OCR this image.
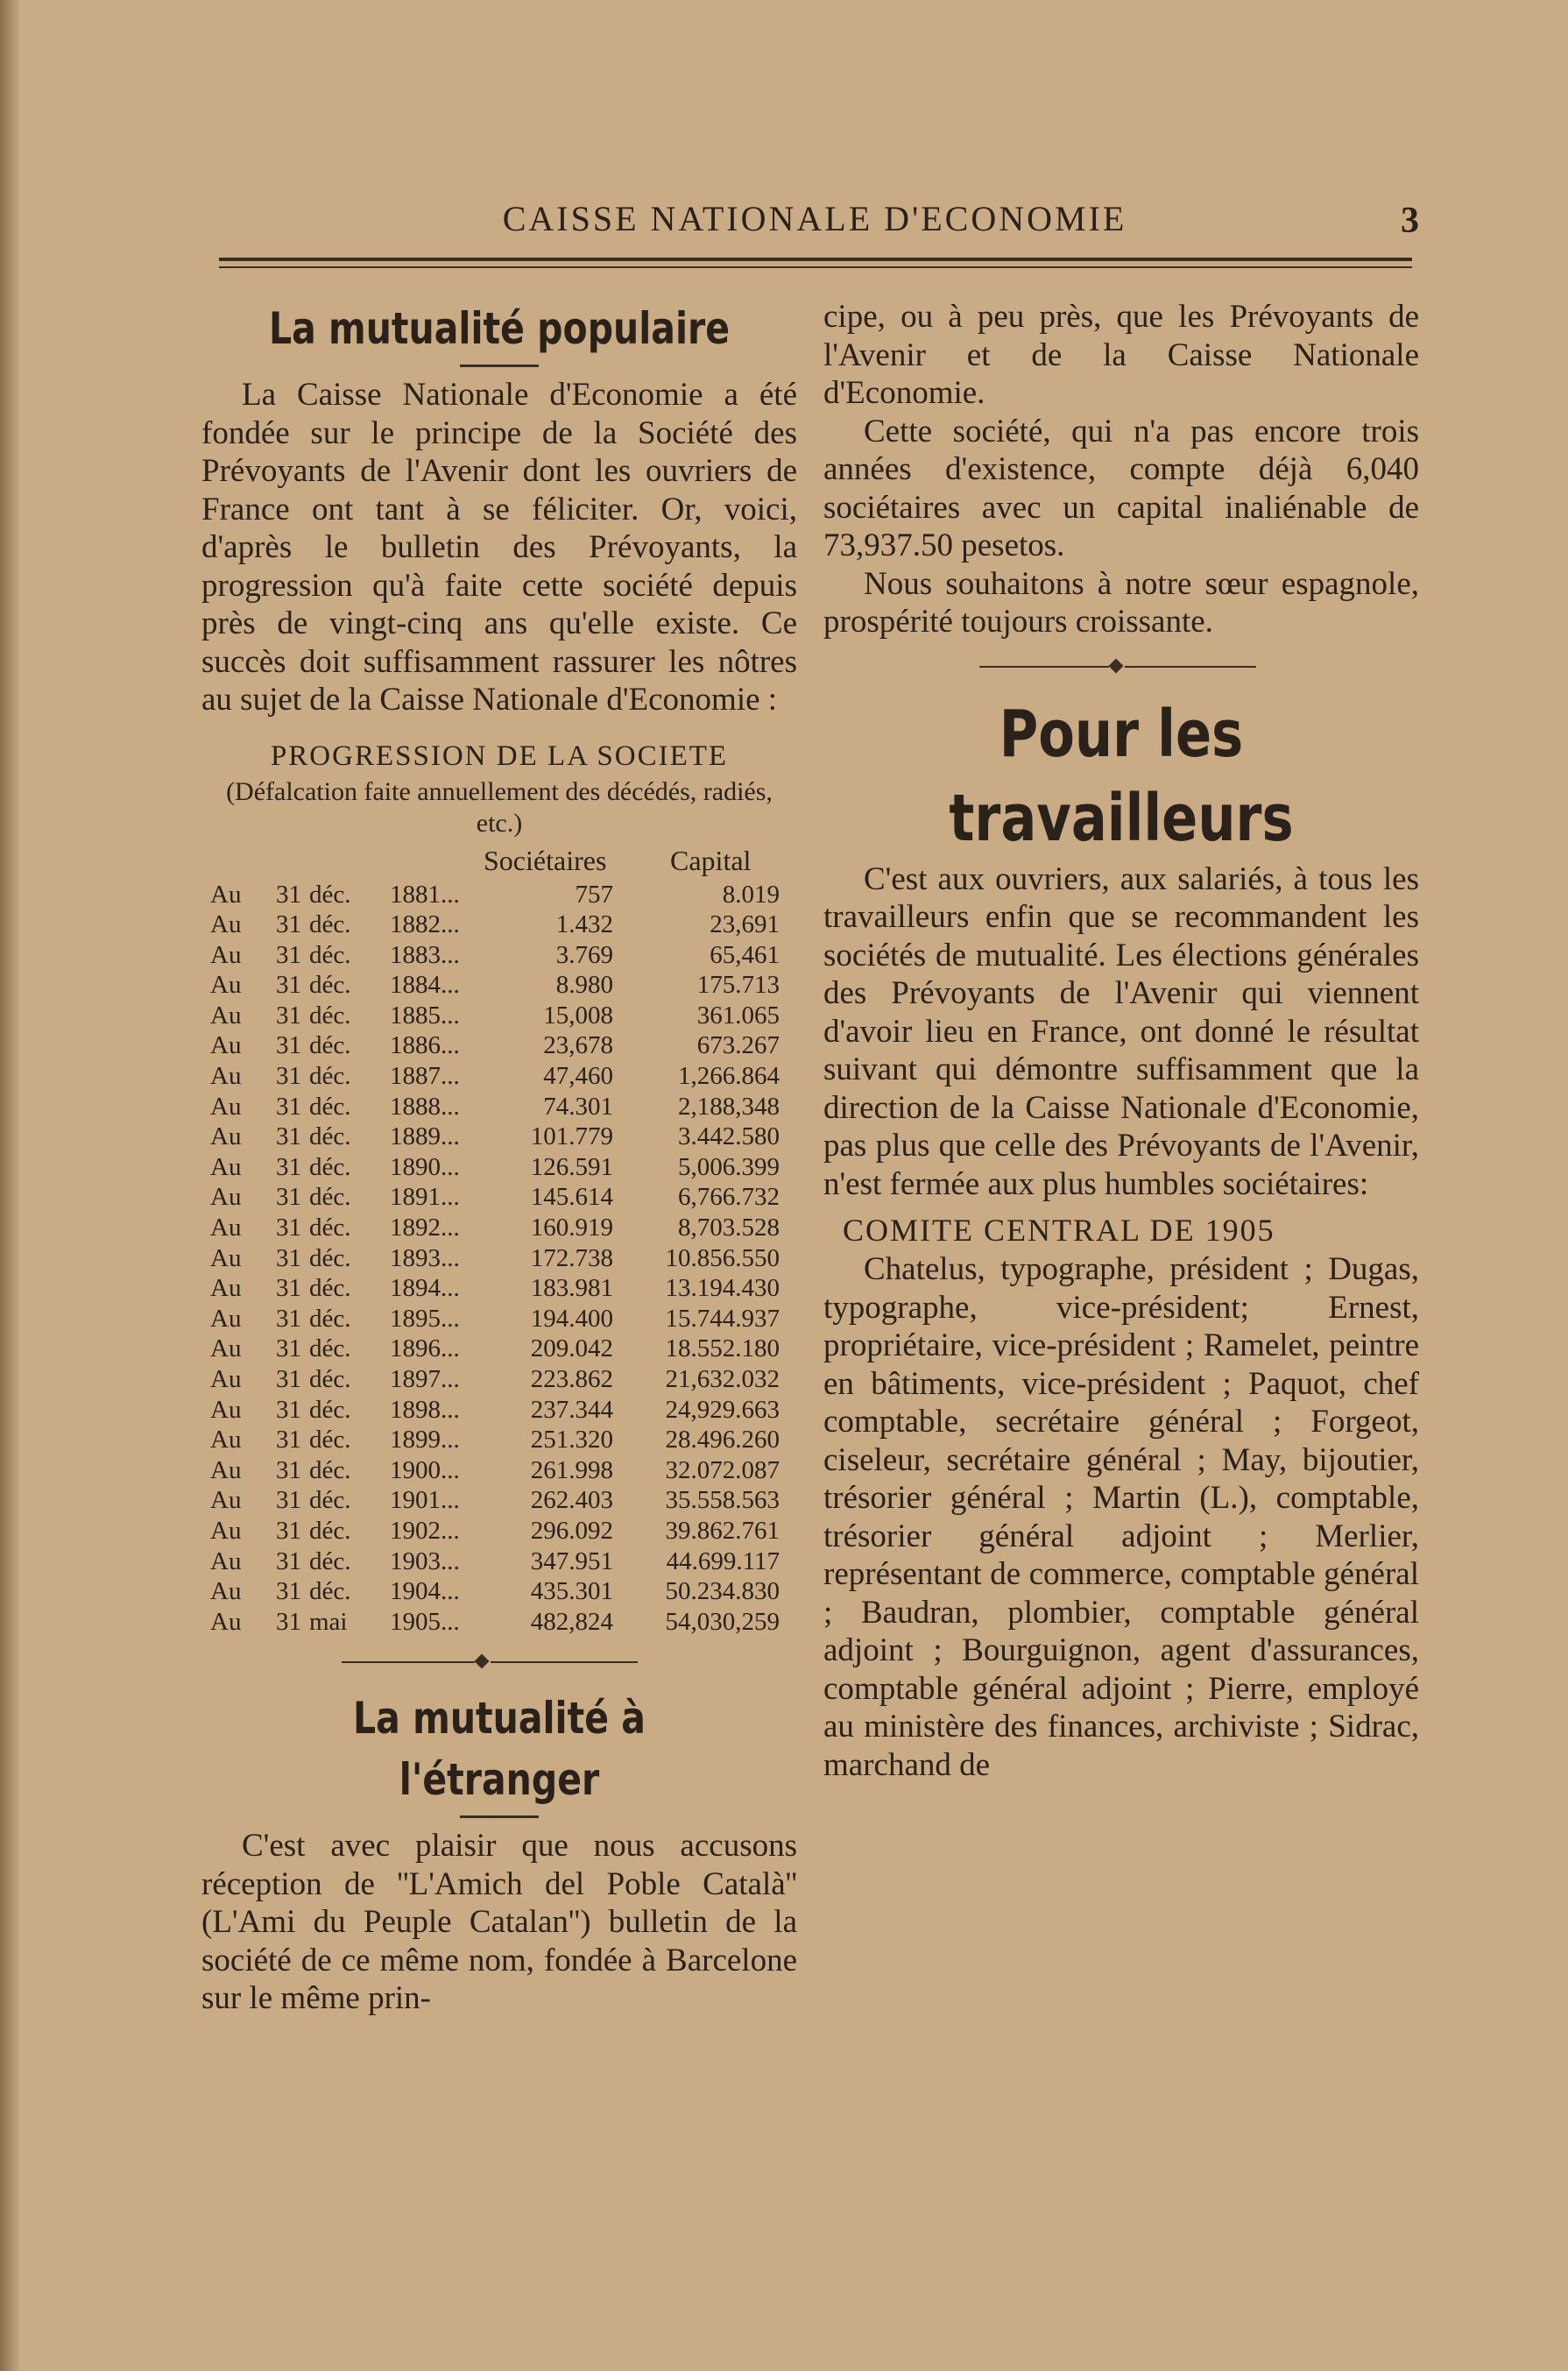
CAISSE NATIONALE D'ECONOMIE	3
La mutualité populaire

La Caisse Nationale d'Economie a été fondée sur le principe de la Société des Prévoyants de l'Avenir dont les ouvriers de France ont tant à se féliciter. Or, voici, d'après le bulletin des Prévoyants, la progression qu'à faite cette société depuis près de vingt-cinq ans qu'elle existe. Ce succès doit suffisamment rassurer les nôtres au sujet de la Caisse Nationale d'Economie :

PROGRESSION DE LA SOCIETE
(Défalcation faite annuellement des décédés, radiés, etc.)
Sociétaires Capital
Au 31 déc. 1881...	757	8.019
Au 31 déc. 1882...	1.432	23,691
Au 31 déc. 1883...	3.769	65,461
Au 31 déc. 1884...	8.980	175.713
Au 31 déc. 1885...	15,008	361.065
Au 31 déc. 1886...	23,678	673.267
Au 31 déc. 1887...	47,460	1,266.864
Au 31 déc. 1888...	74.301	2,188,348
Au 31 déc. 1889...	101.779	3.442.580
Au 31 déc. 1890...	126.591	5,006.399
Au 31 déc. 1891...	145.614	6,766.732
Au 31 déc. 1892...	160.919	8,703.528
Au 31 déc. 1893...	172.738	10.856.550
Au 31 déc. 1894...	183.981	13.194.430
Au 31 déc. 1895...	194.400	15.744.937
Au 31 déc. 1896...	209.042	18.552.180
Au 31 déc. 1897...	223.862	21,632.032
Au 31 déc. 1898...	237.344	24,929.663
Au 31 déc. 1899...	251.320	28.496.260
Au 31 déc. 1900...	261.998	32.072.087
Au 31 déc. 1901...	262.403	35.558.563
Au 31 déc. 1902...	296.092	39.862.761
Au 31 déc. 1903...	347.951	44.699.117
Au 31 déc. 1904...	435.301	50.234.830
Au 31 mai 1905...	482,824	54,030,259
La mutualité à l'étranger

C'est avec plaisir que nous accusons réception de ''L'Amich del Poble Català'' (L'Ami du Peuple Catalan'') bulletin de la société de ce même nom, fondée à Barcelone sur le même prin-

cipe, ou à peu près, que les Prévoyants de l'Avenir et de la Caisse Nationale d'Economie.

Cette société, qui n'a pas encore trois années d'existence, compte déjà 6,040 sociétaires avec un capital inaliénable de 73,937.50 pesetos.

Nous souhaitons à notre sœur espagnole, prospérité toujours croissante.

Pour les travailleurs

C'est aux ouvriers, aux salariés, à tous les travailleurs enfin que se recommandent les sociétés de mutualité. Les élections générales des Prévoyants de l'Avenir qui viennent d'avoir lieu en France, ont donné le résultat suivant qui démontre suffisamment que la direction de la Caisse Nationale d'Economie, pas plus que celle des Prévoyants de l'Avenir, n'est fermée aux plus humbles sociétaires:

COMITE CENTRAL DE 1905

Chatelus, typographe, président ; Dugas, typographe, vice-président; Ernest, propriétaire, vice-président ; Ramelet, peintre en bâtiments, vice-président ; Paquot, chef comptable, secrétaire général ; Forgeot, ciseleur, secrétaire général ; May, bijoutier, trésorier général ; Martin (L.), comptable, trésorier général adjoint ; Merlier, représentant de commerce, comptable général ; Baudran, plombier, comptable général adjoint ; Bourguignon, agent d'assurances, comptable général adjoint ; Pierre, employé au ministère des finances, archiviste ; Sidrac, marchand de
